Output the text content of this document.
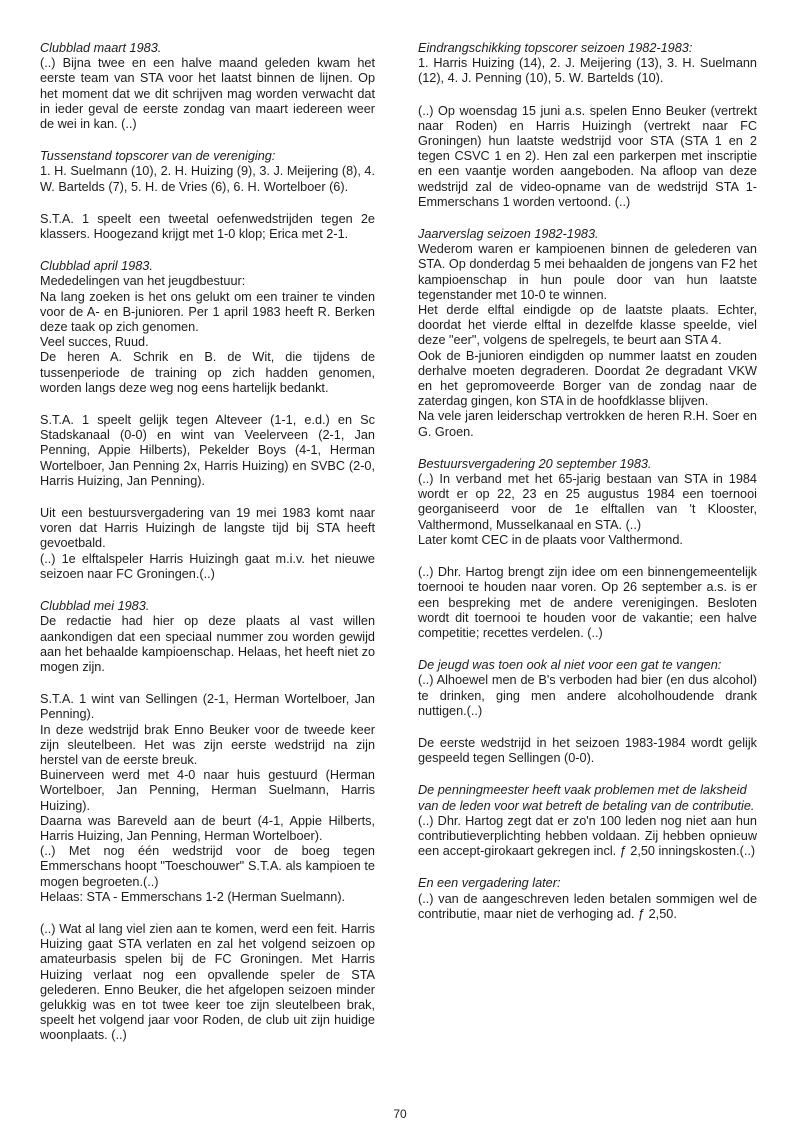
Clubblad maart 1983.
(..) Bijna twee en een halve maand geleden kwam het eerste team van STA voor het laatst binnen de lijnen. Op het moment dat we dit schrijven mag worden verwacht dat in ieder geval de eerste zondag van maart iedereen weer de wei in kan. (..)
Tussenstand topscorer van de vereniging:
1. H. Suelmann (10), 2. H. Huizing (9), 3. J. Meijering (8), 4. W. Bartelds (7), 5. H. de Vries (6), 6. H. Wortelboer (6).
S.T.A. 1 speelt een tweetal oefenwedstrijden tegen 2e klassers. Hoogezand krijgt met 1-0 klop; Erica met 2-1.
Clubblad april 1983.
Mededelingen van het jeugdbestuur:
Na lang zoeken is het ons gelukt om een trainer te vinden voor de A- en B-junioren. Per 1 april 1983 heeft R. Berken deze taak op zich genomen.
Veel succes, Ruud.
De heren A. Schrik en B. de Wit, die tijdens de tussenperiode de training op zich hadden genomen, worden langs deze weg nog eens hartelijk bedankt.
S.T.A. 1 speelt gelijk tegen Alteveer (1-1, e.d.) en Sc Stadskanaal (0-0) en wint van Veelerveen (2-1, Jan Penning, Appie Hilberts), Pekelder Boys (4-1, Herman Wortelboer, Jan Penning 2x, Harris Huizing) en SVBC (2-0, Harris Huizing, Jan Penning).
Uit een bestuursvergadering van 19 mei 1983 komt naar voren dat Harris Huizingh de langste tijd bij STA heeft gevoetbald.
(..) 1e elftalspeler Harris Huizingh gaat m.i.v. het nieuwe seizoen naar FC Groningen.(..)
Clubblad mei 1983.
De redactie had hier op deze plaats al vast willen aankondigen dat een speciaal nummer zou worden gewijd aan het behaalde kampioenschap. Helaas, het heeft niet zo mogen zijn.
S.T.A. 1 wint van Sellingen (2-1, Herman Wortelboer, Jan Penning).
In deze wedstrijd brak Enno Beuker voor de tweede keer zijn sleutelbeen. Het was zijn eerste wedstrijd na zijn herstel van de eerste breuk.
Buinerveen werd met 4-0 naar huis gestuurd (Herman Wortelboer, Jan Penning, Herman Suelmann, Harris Huizing).
Daarna was Bareveld aan de beurt (4-1, Appie Hilberts, Harris Huizing, Jan Penning, Herman Wortelboer).
(..) Met nog één wedstrijd voor de boeg tegen Emmerschans hoopt "Toeschouwer" S.T.A. als kampioen te mogen begroeten.(..)
Helaas: STA - Emmerschans 1-2 (Herman Suelmann).
(..) Wat al lang viel zien aan te komen, werd een feit. Harris Huizing gaat STA verlaten en zal het volgend seizoen op amateurbasis spelen bij de FC Groningen. Met Harris Huizing verlaat nog een opvallende speler de STA gelederen. Enno Beuker, die het afgelopen seizoen minder gelukkig was en tot twee keer toe zijn sleutelbeen brak, speelt het volgend jaar voor Roden, de club uit zijn huidige woonplaats. (..)
Eindrangschikking topscorer seizoen 1982-1983:
1. Harris Huizing (14), 2. J. Meijering (13), 3. H. Suelmann (12), 4. J. Penning (10), 5. W. Bartelds (10).
(..) Op woensdag 15 juni a.s. spelen Enno Beuker (vertrekt naar Roden) en Harris Huizingh (vertrekt naar FC Groningen) hun laatste wedstrijd voor STA (STA 1 en 2 tegen CSVC 1 en 2). Hen zal een parkerpen met inscriptie en een vaantje worden aangeboden. Na afloop van deze wedstrijd zal de video-opname van de wedstrijd STA 1-Emmerschans 1 worden vertoond. (..)
Jaarverslag seizoen 1982-1983.
Wederom waren er kampioenen binnen de gelederen van STA. Op donderdag 5 mei behaalden de jongens van F2 het kampioenschap in hun poule door van hun laatste tegenstander met 10-0 te winnen.
Het derde elftal eindigde op de laatste plaats. Echter, doordat het vierde elftal in dezelfde klasse speelde, viel deze "eer", volgens de spelregels, te beurt aan STA 4.
Ook de B-junioren eindigden op nummer laatst en zouden derhalve moeten degraderen. Doordat 2e degradant VKW en het gepromoveerde Borger van de zondag naar de zaterdag gingen, kon STA in de hoofdklasse blijven.
Na vele jaren leiderschap vertrokken de heren R.H. Soer en G. Groen.
Bestuursvergadering 20 september 1983.
(..) In verband met het 65-jarig bestaan van STA in 1984 wordt er op 22, 23 en 25 augustus 1984 een toernooi georganiseerd voor de 1e elftallen van 't Klooster, Valthermond, Musselkanaal en STA. (..)
Later komt CEC in de plaats voor Valthermond.
(..) Dhr. Hartog brengt zijn idee om een binnengemeentelijk toernooi te houden naar voren. Op 26 september a.s. is er een bespreking met de andere verenigingen. Besloten wordt dit toernooi te houden voor de vakantie; een halve competitie; recettes verdelen. (..)
De jeugd was toen ook al niet voor een gat te vangen:
(..) Alhoewel men de B's verboden had bier (en dus alcohol) te drinken, ging men andere alcoholhoudende drank nuttigen.(..)
De eerste wedstrijd in het seizoen 1983-1984 wordt gelijk gespeeld tegen Sellingen (0-0).
De penningmeester heeft vaak problemen met de laksheid van de leden voor wat betreft de betaling van de contributie.
(..) Dhr. Hartog zegt dat er zo'n 100 leden nog niet aan hun contributieverplichting hebben voldaan. Zij hebben opnieuw een accept-girokaart gekregen incl. ƒ 2,50 inningskosten.(..)
En een vergadering later:
(..) van de aangeschreven leden betalen sommigen wel de contributie, maar niet de verhoging ad. ƒ 2,50.
70
